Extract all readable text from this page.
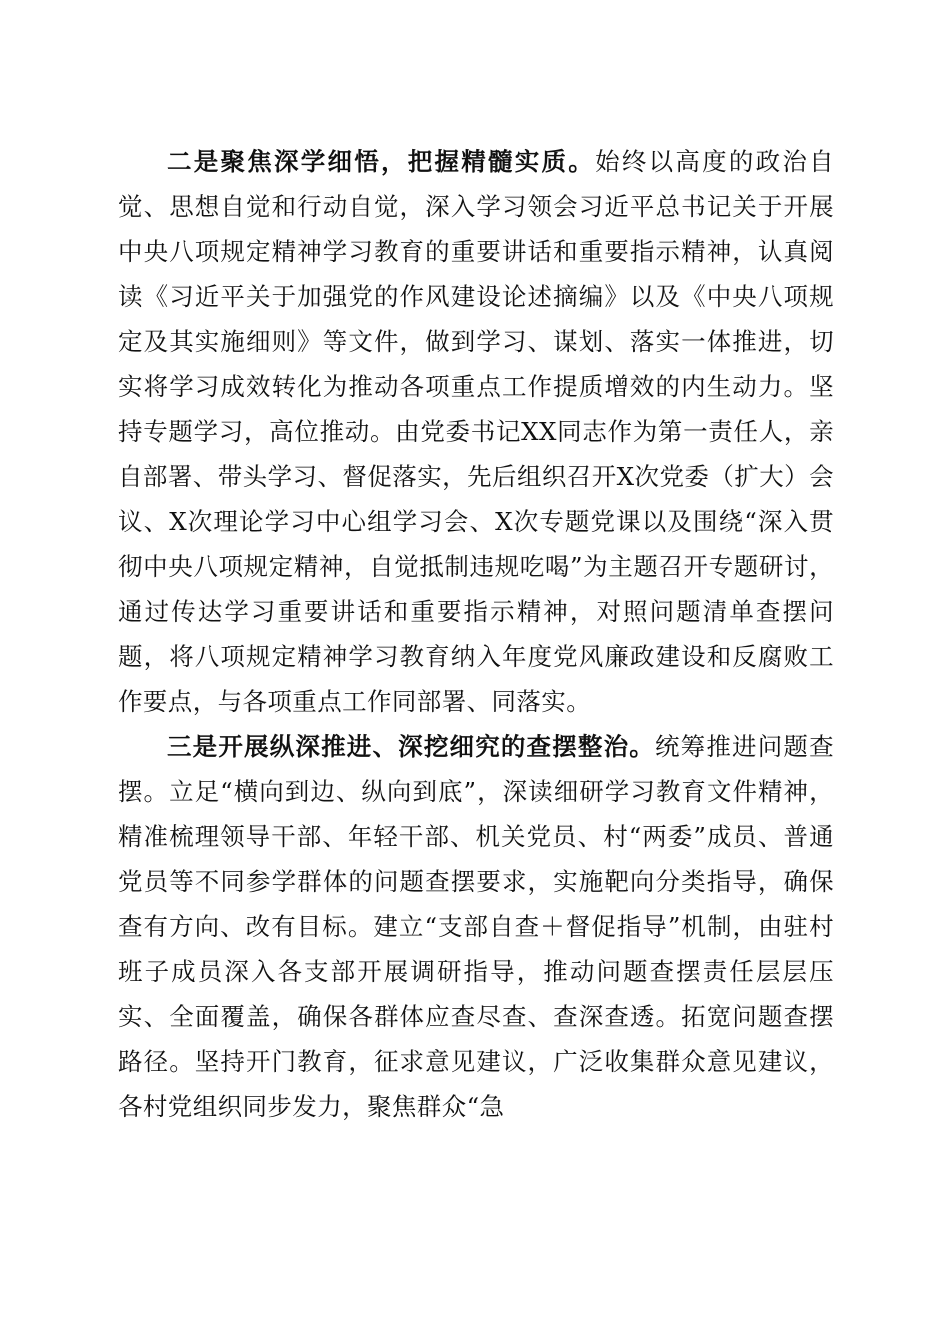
二是聚焦深学细悟，把握精髓实质。始终以高度的政治自觉、思想自觉和行动自觉，深入学习领会习近平总书记关于开展中央八项规定精神学习教育的重要讲话和重要指示精神，认真阅读《习近平关于加强党的作风建设论述摘编》以及《中央八项规定及其实施细则》等文件，做到学习、谋划、落实一体推进，切实将学习成效转化为推动各项重点工作提质增效的内生动力。坚持专题学习，高位推动。由党委书记XX同志作为第一责任人，亲自部署、带头学习、督促落实，先后组织召开X次党委（扩大）会议、X次理论学习中心组学习会、X次专题党课以及围绕“深入贯彻中央八项规定精神，自觉抵制违规吃喝”为主题召开专题研讨，通过传达学习重要讲话和重要指示精神，对照问题清单查摆问题，将八项规定精神学习教育纳入年度党风廉政建设和反腐败工作要点，与各项重点工作同部署、同落实。

三是开展纵深推进、深挖细究的查摆整治。统筹推进问题查摆。立足“横向到边、纵向到底”，深读细研学习教育文件精神，精准梳理领导干部、年轻干部、机关党员、村“两委”成员、普通党员等不同参学群体的问题查摆要求，实施靶向分类指导，确保查有方向、改有目标。建立“支部自查＋督促指导”机制，由驻村班子成员深入各支部开展调研指导，推动问题查摆责任层层压实、全面覆盖，确保各群体应查尽查、查深查透。拓宽问题查摆路径。坚持开门教育，征求意见建议，广泛收集群众意见建议，各村党组织同步发力，聚焦群众“急
